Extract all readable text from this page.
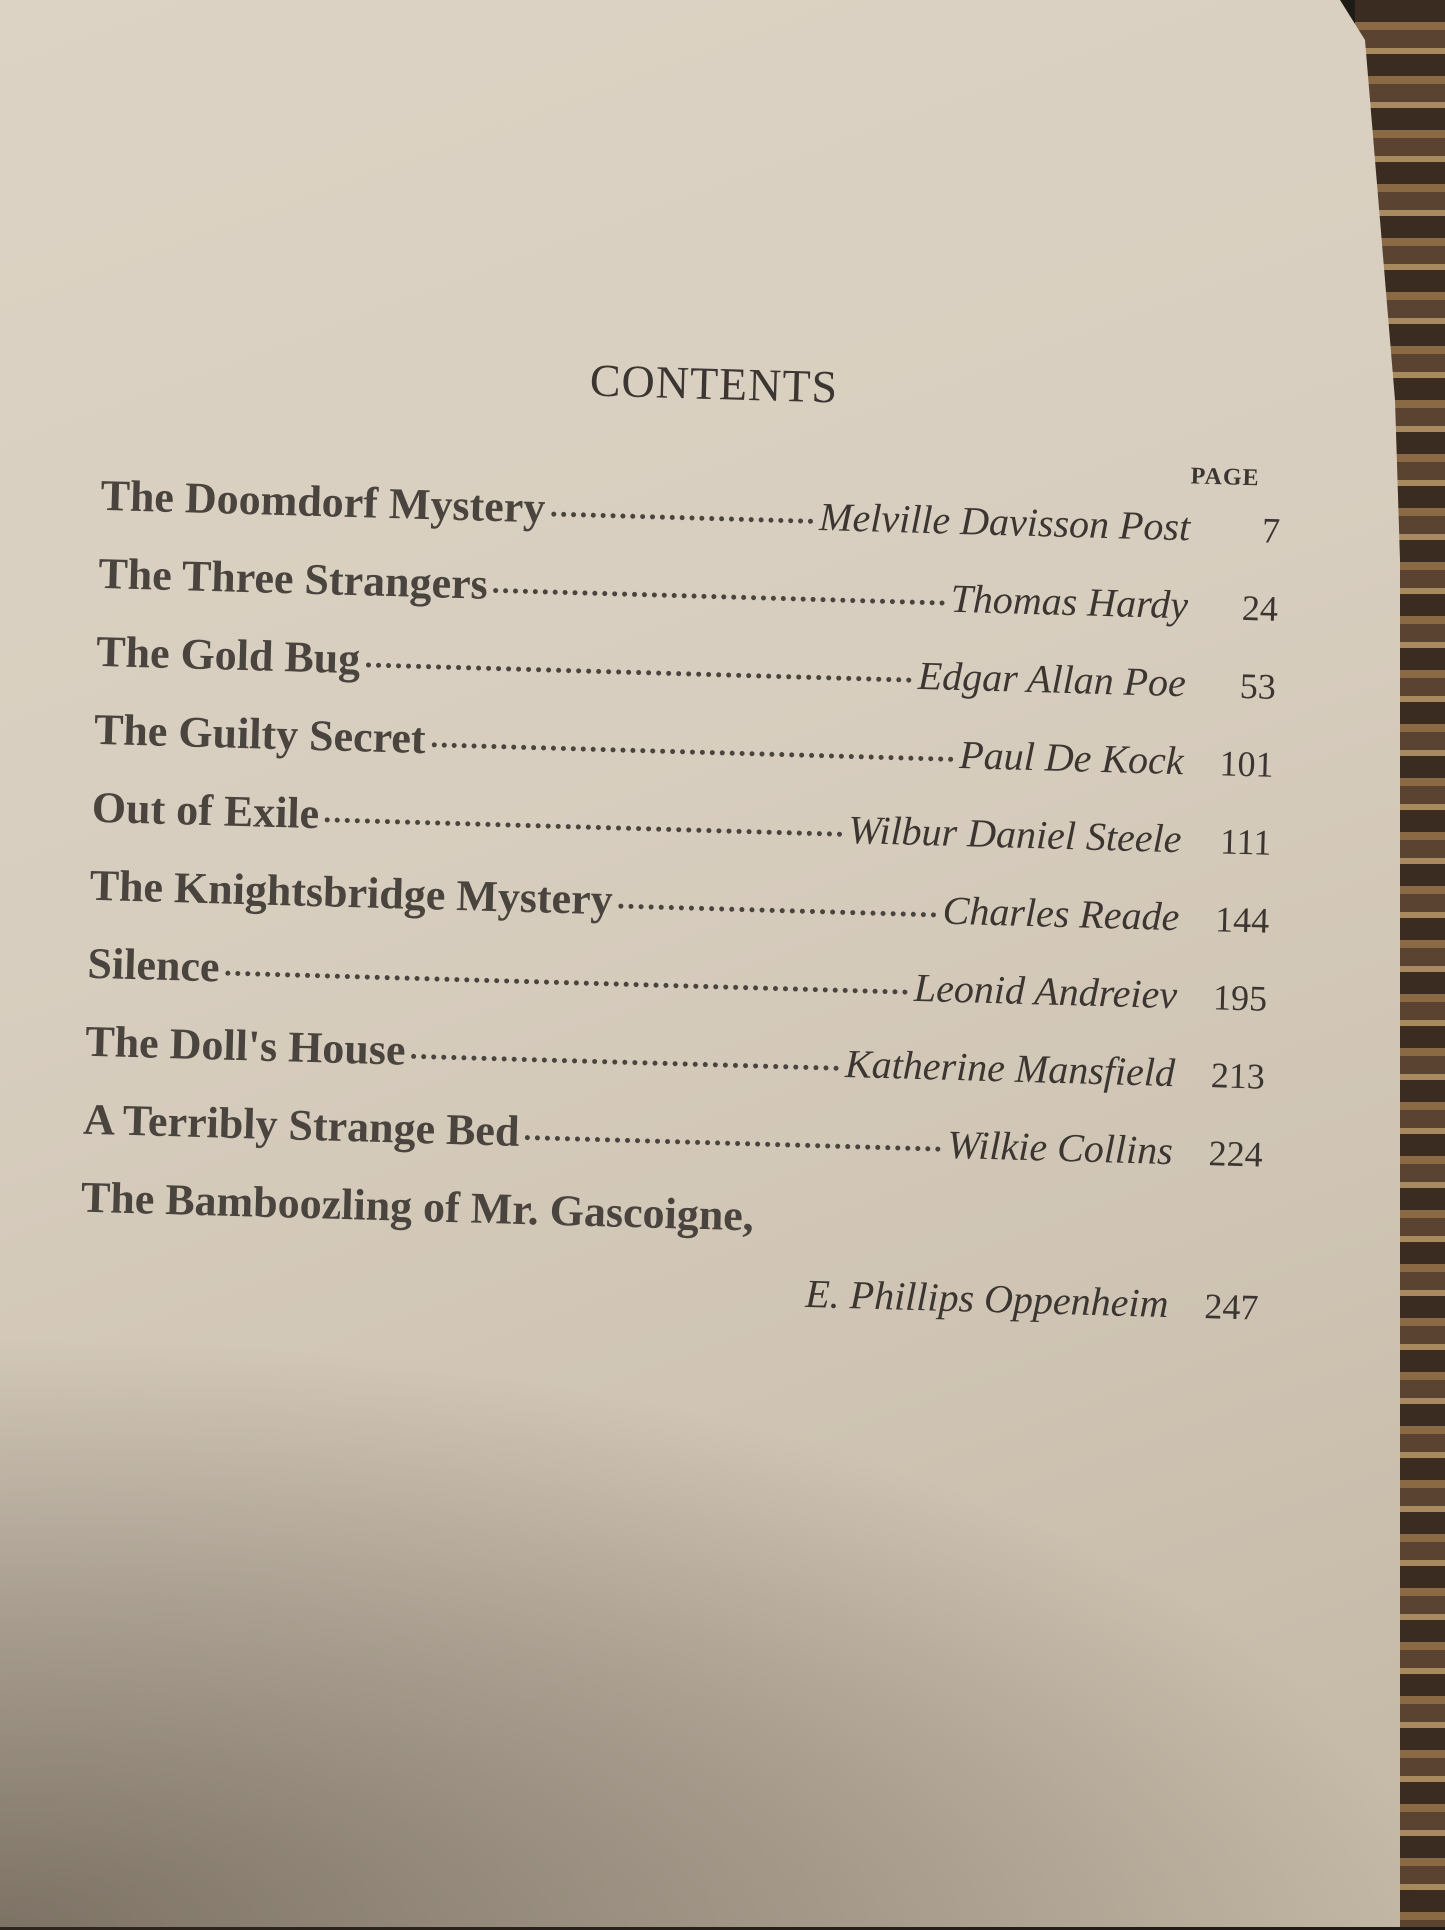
CONTENTS
PAGE
The Doomdorf Mystery	Melville Davisson Post	7
The Three Strangers	Thomas Hardy	24
The Gold Bug	Edgar Allan Poe	53
The Guilty Secret	Paul De Kock 101
Out of Exile	Wilbur Daniel Steele	111
The Knightsbridge Mystery	Charles Reade 144
Silence	Leonid Andreiev 195
The Doll's House	Katherine Mansfield 213
A Terribly Strange Bed	Wilkie Collins 224
The Bamboozling of Mr. Gascoigne,
E. Phillips Oppenheim 247
